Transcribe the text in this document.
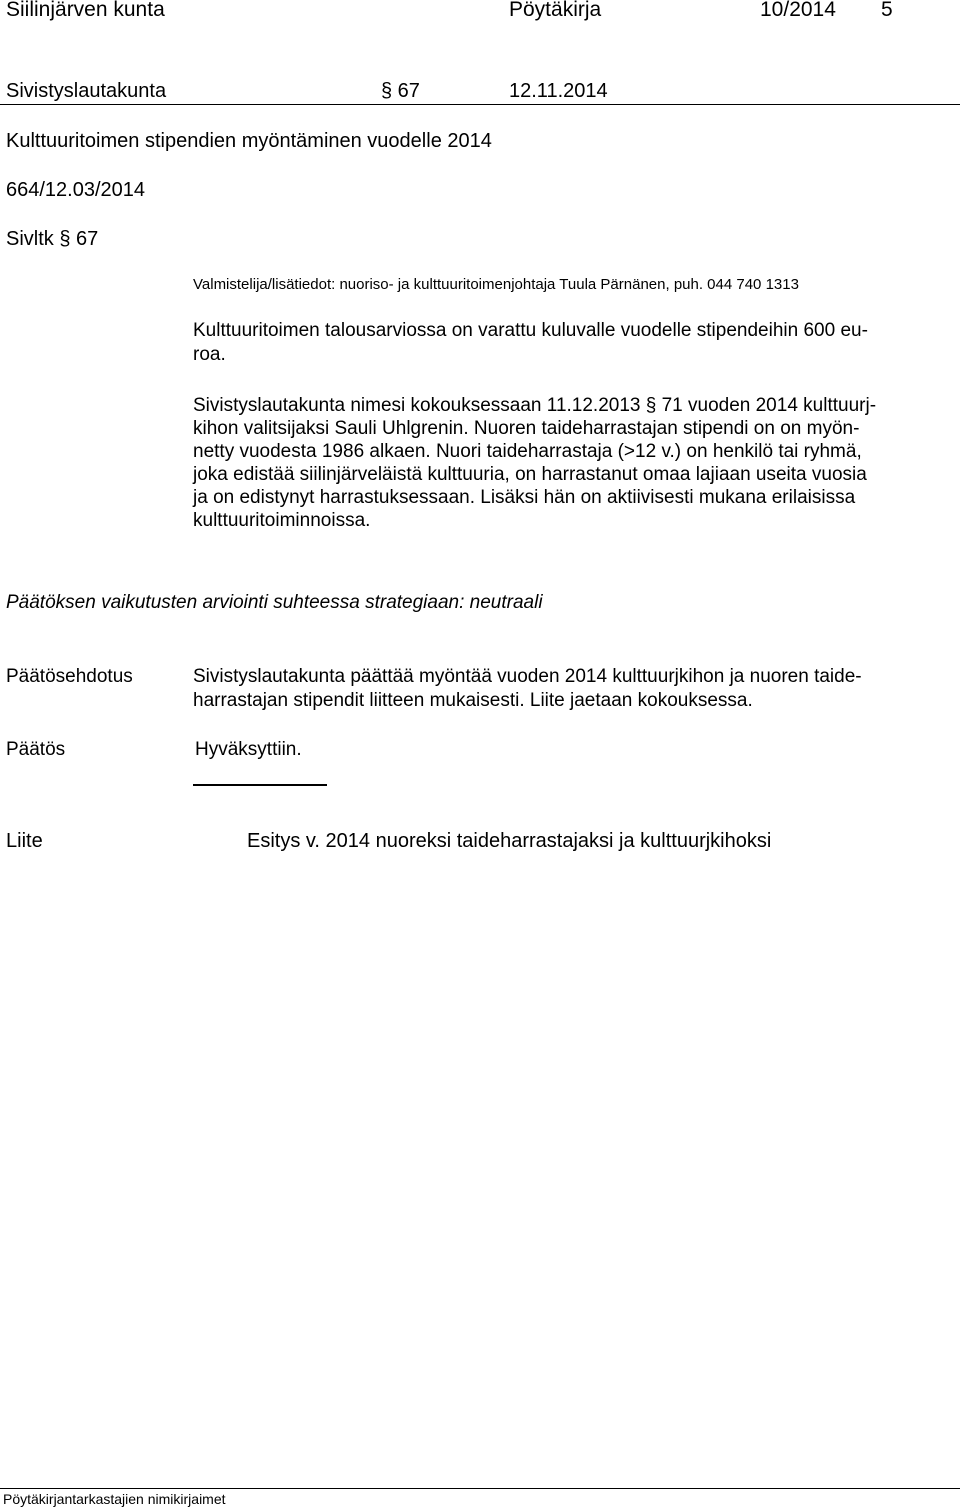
Siilinjärven kunta	Pöytäkirja	10/2014 5
Sivistyslautakunta	§ 67	12.11.2014
Kulttuuritoimen stipendien myöntäminen vuodelle 2014
664/12.03/2014
Sivltk § 67
Valmistelija/lisätiedot: nuoriso- ja kulttuuritoimenjohtaja Tuula Pärnänen, puh. 044 740 1313
Kulttuuritoimen talousarviossa on varattu kuluvalle vuodelle stipendeihin 600 eu-
roa.
Sivistyslautakunta nimesi kokouksessaan 11.12.2013 § 71 vuoden 2014 kulttuurj-
kihon valitsijaksi Sauli Uhlgrenin. Nuoren taideharrastajan stipendi on on myön-
netty vuodesta 1986 alkaen. Nuori taideharrastaja (>12 v.) on henkilö tai ryhmä,
joka edistää siilinjärveläistä kulttuuria, on harrastanut omaa lajiaan useita vuosia
ja on edistynyt harrastuksessaan. Lisäksi hän on aktiivisesti mukana erilaisissa
kulttuuritoiminnoissa.
Päätöksen vaikutusten arviointi suhteessa strategiaan: neutraali
Päätösehdotus	Sivistyslautakunta päättää myöntää vuoden 2014 kulttuurjkihon ja nuoren taide-
harrastajan stipendit liitteen mukaisesti. Liite jaetaan kokouksessa.
Päätös	Hyväksyttiin.
Liite	Esitys v. 2014 nuoreksi taideharrastajaksi ja kulttuurjkihoksi
Pöytäkirjantarkastajien nimikirjaimet
